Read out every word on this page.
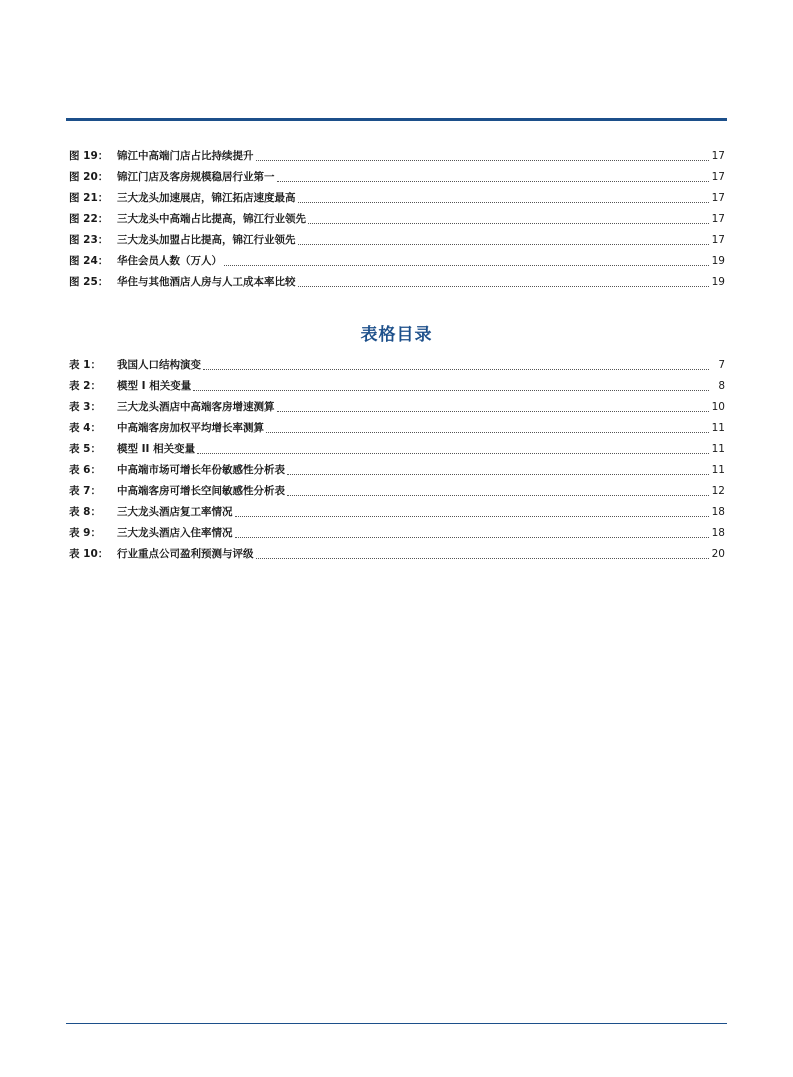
图 19： 锦江中高端门店占比持续提升	17
图 20： 锦江门店及客房规模稳居行业第一	17
图 21： 三大龙头加速展店，锦江拓店速度最高	17
图 22： 三大龙头中高端占比提高，锦江行业领先	17
图 23： 三大龙头加盟占比提高，锦江行业领先	17
图 24： 华住会员人数（万人）	19
图 25： 华住与其他酒店人房与人工成本率比较	19
表格目录
表 1：	我国人口结构演变	7
表 2：	模型 I 相关变量	8
表 3：	三大龙头酒店中高端客房增速测算	10
表 4：	中高端客房加权平均增长率测算	11
表 5：	模型 II 相关变量	11
表 6：	中高端市场可增长年份敏感性分析表	11
表 7：	中高端客房可增长空间敏感性分析表	12
表 8：	三大龙头酒店复工率情况	18
表 9：	三大龙头酒店入住率情况	18
表 10： 行业重点公司盈利预测与评级	20
